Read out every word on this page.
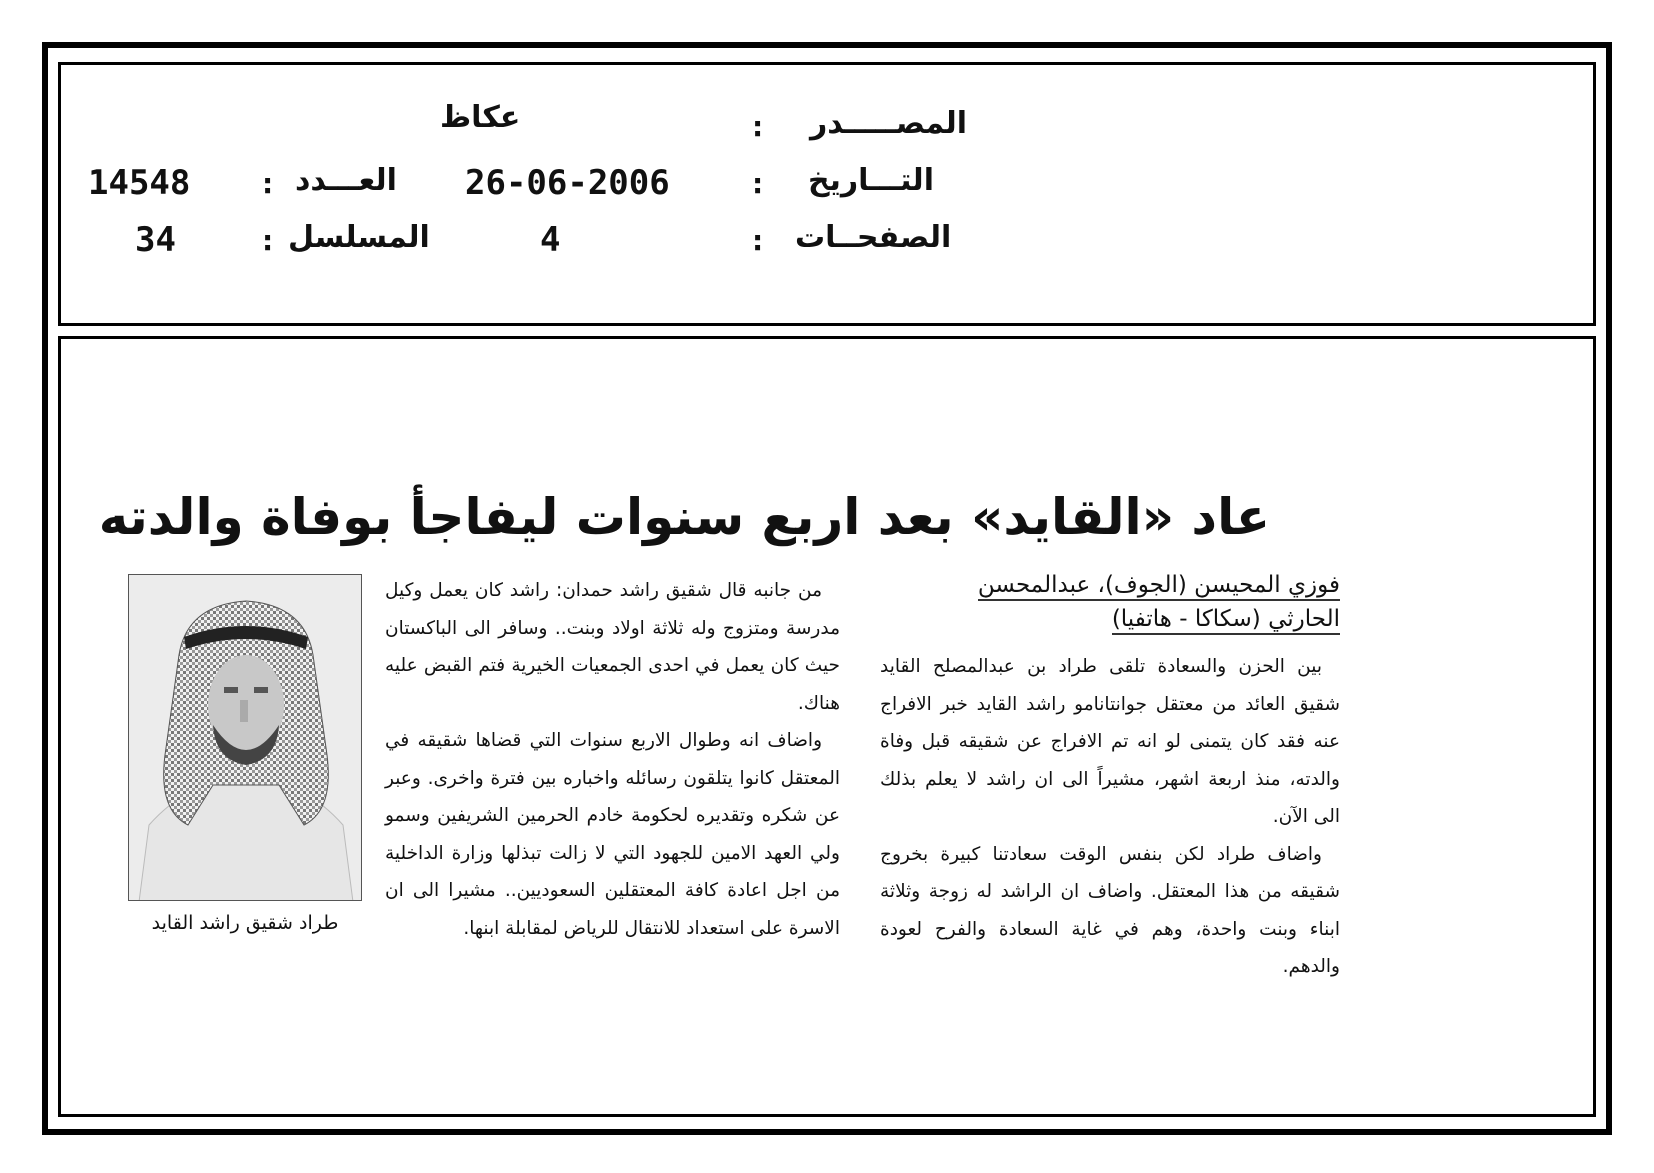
المصـــــدر
:
عكاظ
التـــاريخ
:
26-06-2006
العـــدد
:
14548
الصفحــات
:
4
المسلسل
:
34
عاد «القايد» بعد اربع سنوات ليفاجأ بوفاة والدته
فوزي المحيسن (الجوف)، عبدالمحسن
الحارثي (سكاكا - هاتفيا)

بين الحزن والسعادة تلقى طراد بن عبدالمصلح القايد شقيق العائد من معتقل جوانتانامو راشد القايد خبر الافراج عنه فقد كان يتمنى لو انه تم الافراج عن شقيقه قبل وفاة والدته، منذ اربعة اشهر، مشيراً الى ان راشد لا يعلم بذلك الى الآن.

واضاف طراد لكن بنفس الوقت سعادتنا كبيرة بخروج شقيقه من هذا المعتقل. واضاف ان الراشد له زوجة وثلاثة ابناء وبنت واحدة، وهم في غاية السعادة والفرح لعودة والدهم.

من جانبه قال شقيق راشد حمدان: راشد كان يعمل وكيل مدرسة ومتزوج وله ثلاثة اولاد وبنت.. وسافر الى الباكستان حيث كان يعمل في احدى الجمعيات الخيرية فتم القبض عليه هناك.

واضاف انه وطوال الاربع سنوات التي قضاها شقيقه في المعتقل كانوا يتلقون رسائله واخباره بين فترة واخرى. وعبر عن شكره وتقديره لحكومة خادم الحرمين الشريفين وسمو ولي العهد الامين للجهود التي لا زالت تبذلها وزارة الداخلية من اجل اعادة كافة المعتقلين السعوديين.. مشيرا الى ان الاسرة على استعداد للانتقال للرياض لمقابلة ابنها.

طراد شقيق راشد القايد
